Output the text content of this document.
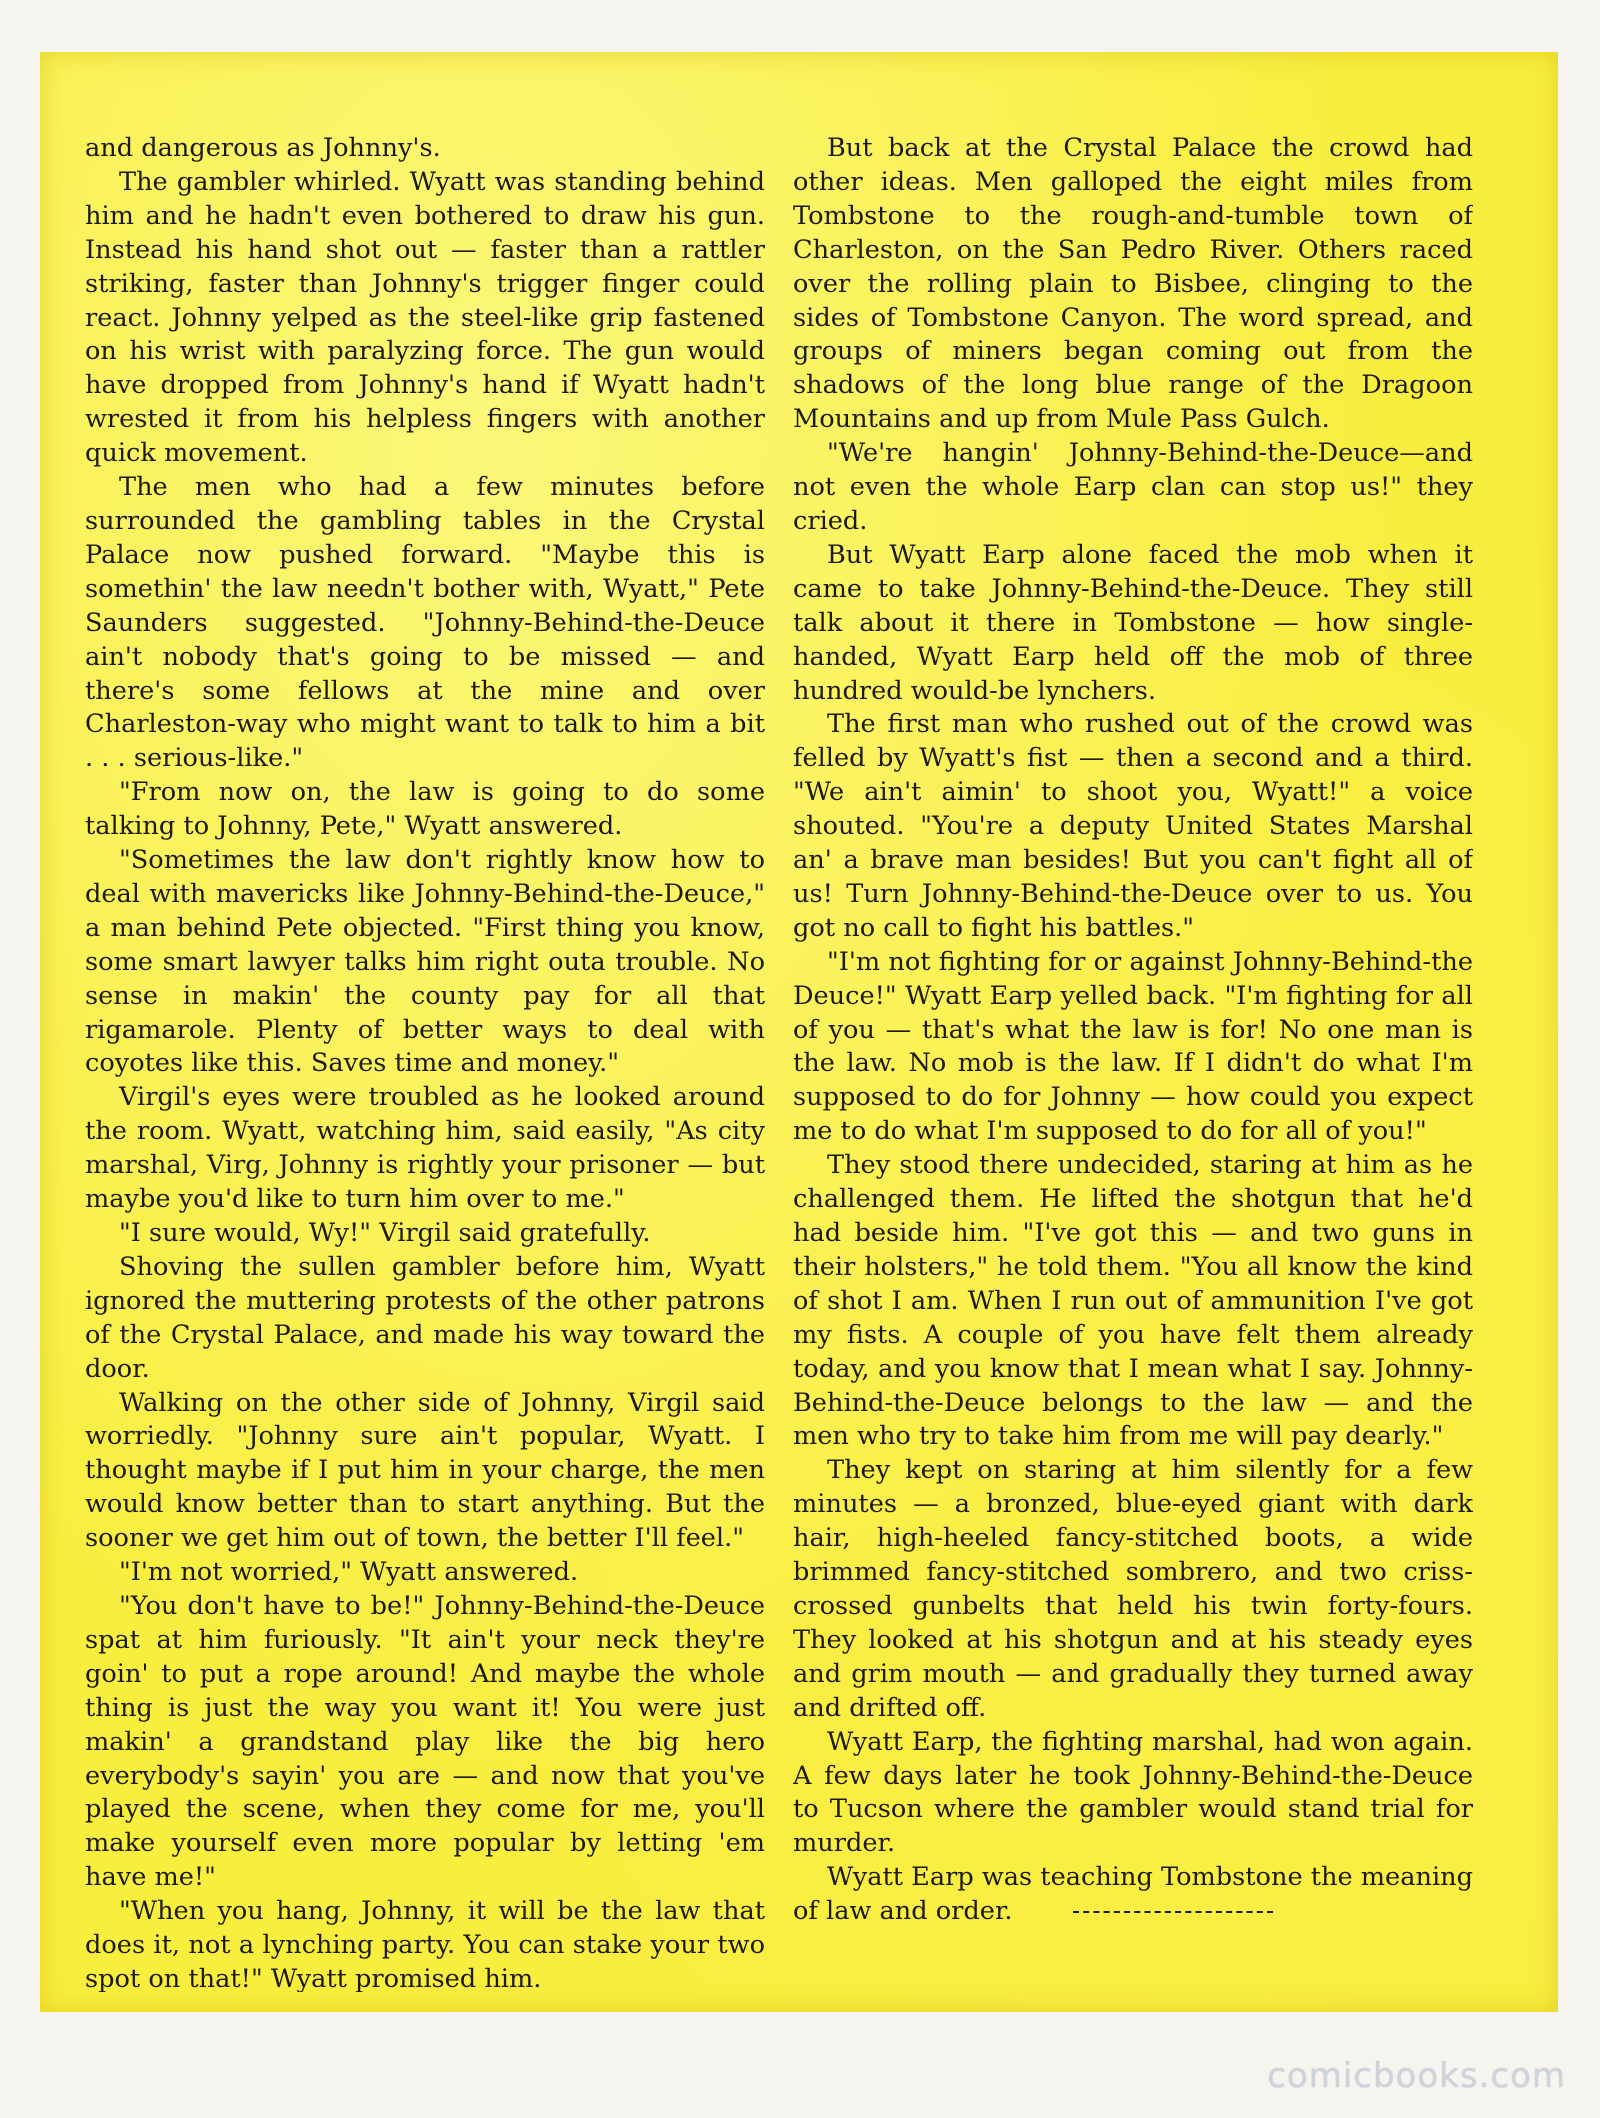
and dangerous as Johnny's.

The gambler whirled. Wyatt was standing behind him and he hadn't even bothered to draw his gun. Instead his hand shot out — faster than a rattler striking, faster than Johnny's trigger finger could react. Johnny yelped as the steel-like grip fastened on his wrist with paralyzing force. The gun would have dropped from Johnny's hand if Wyatt hadn't wrested it from his helpless fingers with another quick movement.

The men who had a few minutes before surrounded the gambling tables in the Crystal Palace now pushed forward. "Maybe this is somethin' the law needn't bother with, Wyatt," Pete Saunders suggested. "Johnny-Behind-the-Deuce ain't nobody that's going to be missed — and there's some fellows at the mine and over Charleston-way who might want to talk to him a bit . . . serious-like."

"From now on, the law is going to do some talking to Johnny, Pete," Wyatt answered.

"Sometimes the law don't rightly know how to deal with mavericks like Johnny-Behind-the-Deuce," a man behind Pete objected. "First thing you know, some smart lawyer talks him right outa trouble. No sense in makin' the county pay for all that rigamarole. Plenty of better ways to deal with coyotes like this. Saves time and money."

Virgil's eyes were troubled as he looked around the room. Wyatt, watching him, said easily, "As city marshal, Virg, Johnny is rightly your prisoner — but maybe you'd like to turn him over to me."

"I sure would, Wy!" Virgil said gratefully.

Shoving the sullen gambler before him, Wyatt ignored the muttering protests of the other patrons of the Crystal Palace, and made his way toward the door.

Walking on the other side of Johnny, Virgil said worriedly. "Johnny sure ain't popular, Wyatt. I thought maybe if I put him in your charge, the men would know better than to start anything. But the sooner we get him out of town, the better I'll feel."

"I'm not worried," Wyatt answered.

"You don't have to be!" Johnny-Behind-the-Deuce spat at him furiously. "It ain't your neck they're goin' to put a rope around! And maybe the whole thing is just the way you want it! You were just makin' a grandstand play like the big hero everybody's sayin' you are — and now that you've played the scene, when they come for me, you'll make yourself even more popular by letting 'em have me!"

"When you hang, Johnny, it will be the law that does it, not a lynching party. You can stake your two spot on that!" Wyatt promised him.

But back at the Crystal Palace the crowd had other ideas. Men galloped the eight miles from Tombstone to the rough-and-tumble town of Charleston, on the San Pedro River. Others raced over the rolling plain to Bisbee, clinging to the sides of Tombstone Canyon. The word spread, and groups of miners began coming out from the shadows of the long blue range of the Dragoon Mountains and up from Mule Pass Gulch.

"We're hangin' Johnny-Behind-the-Deuce—and not even the whole Earp clan can stop us!" they cried.

But Wyatt Earp alone faced the mob when it came to take Johnny-Behind-the-Deuce. They still talk about it there in Tombstone — how single-handed, Wyatt Earp held off the mob of three hundred would-be lynchers.

The first man who rushed out of the crowd was felled by Wyatt's fist — then a second and a third. "We ain't aimin' to shoot you, Wyatt!" a voice shouted. "You're a deputy United States Marshal an' a brave man besides! But you can't fight all of us! Turn Johnny-Behind-the-Deuce over to us. You got no call to fight his battles."

"I'm not fighting for or against Johnny-Behind-the Deuce!" Wyatt Earp yelled back. "I'm fighting for all of you — that's what the law is for! No one man is the law. No mob is the law. If I didn't do what I'm supposed to do for Johnny — how could you expect me to do what I'm supposed to do for all of you!"

They stood there undecided, staring at him as he challenged them. He lifted the shotgun that he'd had beside him. "I've got this — and two guns in their holsters," he told them. "You all know the kind of shot I am. When I run out of ammunition I've got my fists. A couple of you have felt them already today, and you know that I mean what I say. Johnny-Behind-the-Deuce belongs to the law — and the men who try to take him from me will pay dearly."

They kept on staring at him silently for a few minutes — a bronzed, blue-eyed giant with dark hair, high-heeled fancy-stitched boots, a wide brimmed fancy-stitched sombrero, and two criss-crossed gunbelts that held his twin forty-fours. They looked at his shotgun and at his steady eyes and grim mouth — and gradually they turned away and drifted off.

Wyatt Earp, the fighting marshal, had won again. A few days later he took Johnny-Behind-the-Deuce to Tucson where the gambler would stand trial for murder.

Wyatt Earp was teaching Tombstone the meaning of law and order.

comicbooks.com
